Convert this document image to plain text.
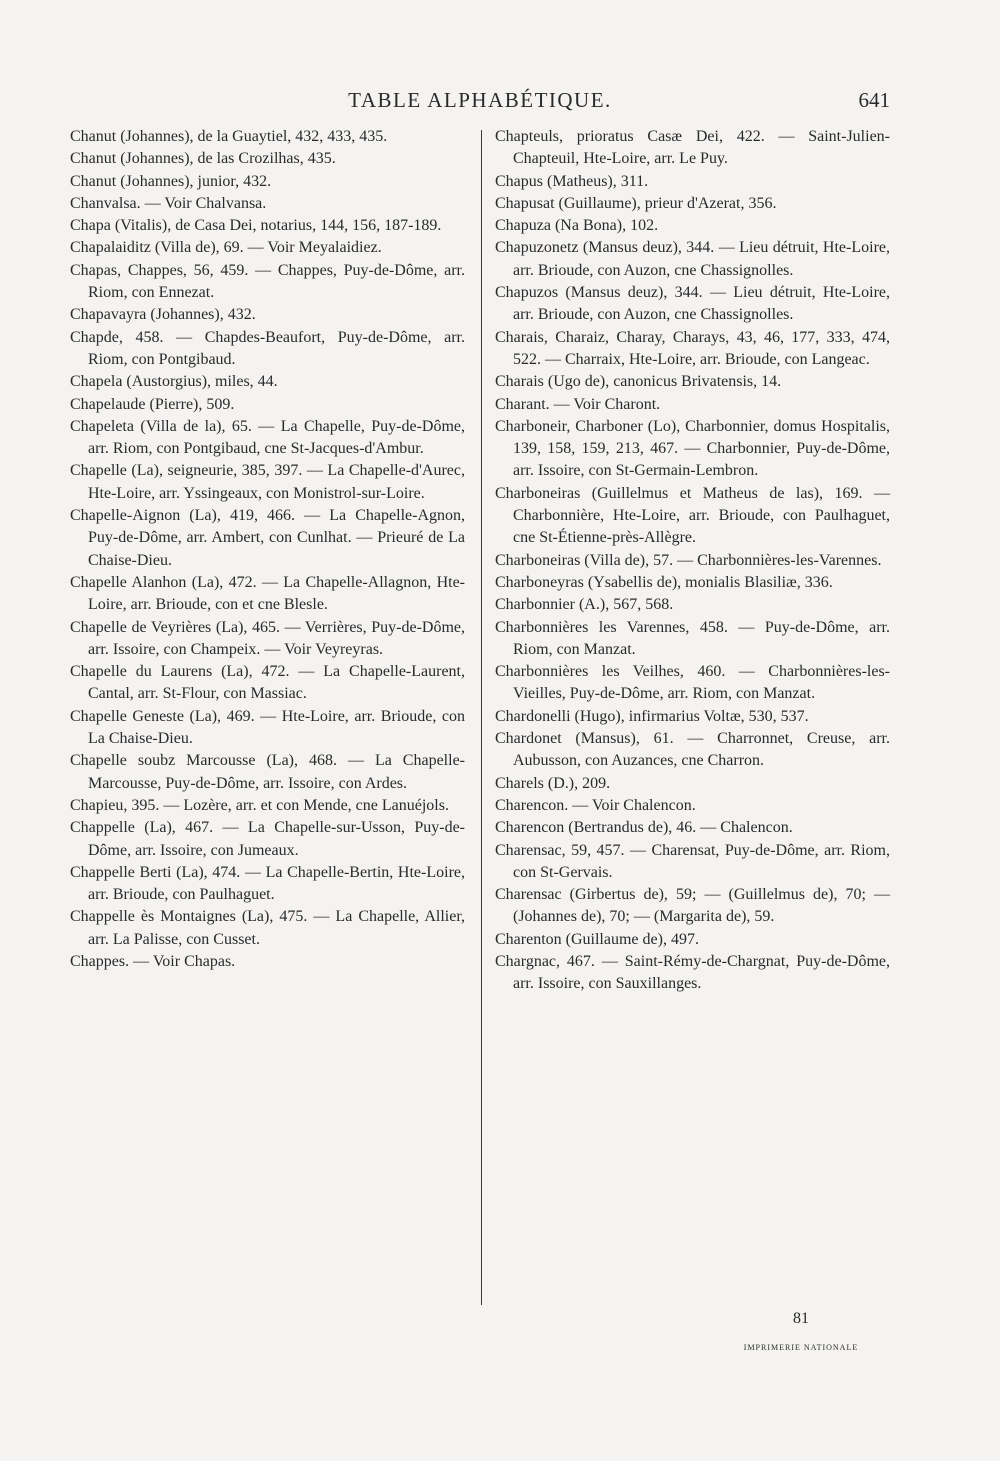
TABLE ALPHABÉTIQUE.	641

Chanut (Johannes), de la Guaytiel, 432, 433, 435.

Chanut (Johannes), de las Crozilhas, 435.

Chanut (Johannes), junior, 432.

Chanvalsa. — Voir Chalvansa.

Chapa (Vitalis), de Casa Dei, notarius, 144, 156, 187-189.

Chapalaiditz (Villa de), 69. — Voir Meyalaidiez.

Chapas, Chappes, 56, 459. — Chappes, Puy-de-Dôme, arr. Riom, con Ennezat.

Chapavayra (Johannes), 432.

Chapde, 458. — Chapdes-Beaufort, Puy-de-Dôme, arr. Riom, con Pontgibaud.

Chapela (Austorgius), miles, 44.

Chapelaude (Pierre), 509.

Chapeleta (Villa de la), 65. — La Chapelle, Puy-de-Dôme, arr. Riom, con Pontgibaud, cne St-Jacques-d'Ambur.

Chapelle (La), seigneurie, 385, 397. — La Chapelle-d'Aurec, Hte-Loire, arr. Yssingeaux, con Monistrol-sur-Loire.

Chapelle-Aignon (La), 419, 466. — La Chapelle-Agnon, Puy-de-Dôme, arr. Ambert, con Cunlhat. — Prieuré de La Chaise-Dieu.

Chapelle Alanhon (La), 472. — La Chapelle-Allagnon, Hte-Loire, arr. Brioude, con et cne Blesle.

Chapelle de Veyrières (La), 465. — Verrières, Puy-de-Dôme, arr. Issoire, con Champeix. — Voir Veyreyras.

Chapelle du Laurens (La), 472. — La Chapelle-Laurent, Cantal, arr. St-Flour, con Massiac.

Chapelle Geneste (La), 469. — Hte-Loire, arr. Brioude, con La Chaise-Dieu.

Chapelle soubz Marcousse (La), 468. — La Chapelle-Marcousse, Puy-de-Dôme, arr. Issoire, con Ardes.

Chapieu, 395. — Lozère, arr. et con Mende, cne Lanuéjols.

Chappelle (La), 467. — La Chapelle-sur-Usson, Puy-de-Dôme, arr. Issoire, con Jumeaux.

Chappelle Berti (La), 474. — La Chapelle-Bertin, Hte-Loire, arr. Brioude, con Paulhaguet.

Chappelle ès Montaignes (La), 475. — La Chapelle, Allier, arr. La Palisse, con Cusset.

Chappes. — Voir Chapas.

Chapteuls, prioratus Casæ Dei, 422. — Saint-Julien-Chapteuil, Hte-Loire, arr. Le Puy.

Chapus (Matheus), 311.

Chapusat (Guillaume), prieur d'Azerat, 356.

Chapuza (Na Bona), 102.

Chapuzonetz (Mansus deuz), 344. — Lieu détruit, Hte-Loire, arr. Brioude, con Auzon, cne Chassignolles.

Chapuzos (Mansus deuz), 344. — Lieu détruit, Hte-Loire, arr. Brioude, con Auzon, cne Chassignolles.

Charais, Charaiz, Charay, Charays, 43, 46, 177, 333, 474, 522. — Charraix, Hte-Loire, arr. Brioude, con Langeac.

Charais (Ugo de), canonicus Brivatensis, 14.

Charant. — Voir Charont.

Charboneir, Charboner (Lo), Charbonnier, domus Hospitalis, 139, 158, 159, 213, 467. — Charbonnier, Puy-de-Dôme, arr. Issoire, con St-Germain-Lembron.

Charboneiras (Guillelmus et Matheus de las), 169. — Charbonnière, Hte-Loire, arr. Brioude, con Paulhaguet, cne St-Étienne-près-Allègre.

Charboneiras (Villa de), 57. — Charbonnières-les-Varennes.

Charboneyras (Ysabellis de), monialis Blasiliæ, 336.

Charbonnier (A.), 567, 568.

Charbonnières les Varennes, 458. — Puy-de-Dôme, arr. Riom, con Manzat.

Charbonnières les Veilhes, 460. — Charbonnières-les-Vieilles, Puy-de-Dôme, arr. Riom, con Manzat.

Chardonelli (Hugo), infirmarius Voltæ, 530, 537.

Chardonet (Mansus), 61. — Charronnet, Creuse, arr. Aubusson, con Auzances, cne Charron.

Charels (D.), 209.

Charencon. — Voir Chalencon.

Charencon (Bertrandus de), 46. — Chalencon.

Charensac, 59, 457. — Charensat, Puy-de-Dôme, arr. Riom, con St-Gervais.

Charensac (Girbertus de), 59; — (Guillelmus de), 70; — (Johannes de), 70; — (Margarita de), 59.

Charenton (Guillaume de), 497.

Chargnac, 467. — Saint-Rémy-de-Chargnat, Puy-de-Dôme, arr. Issoire, con Sauxillanges.

81
IMPRIMERIE NATIONALE
